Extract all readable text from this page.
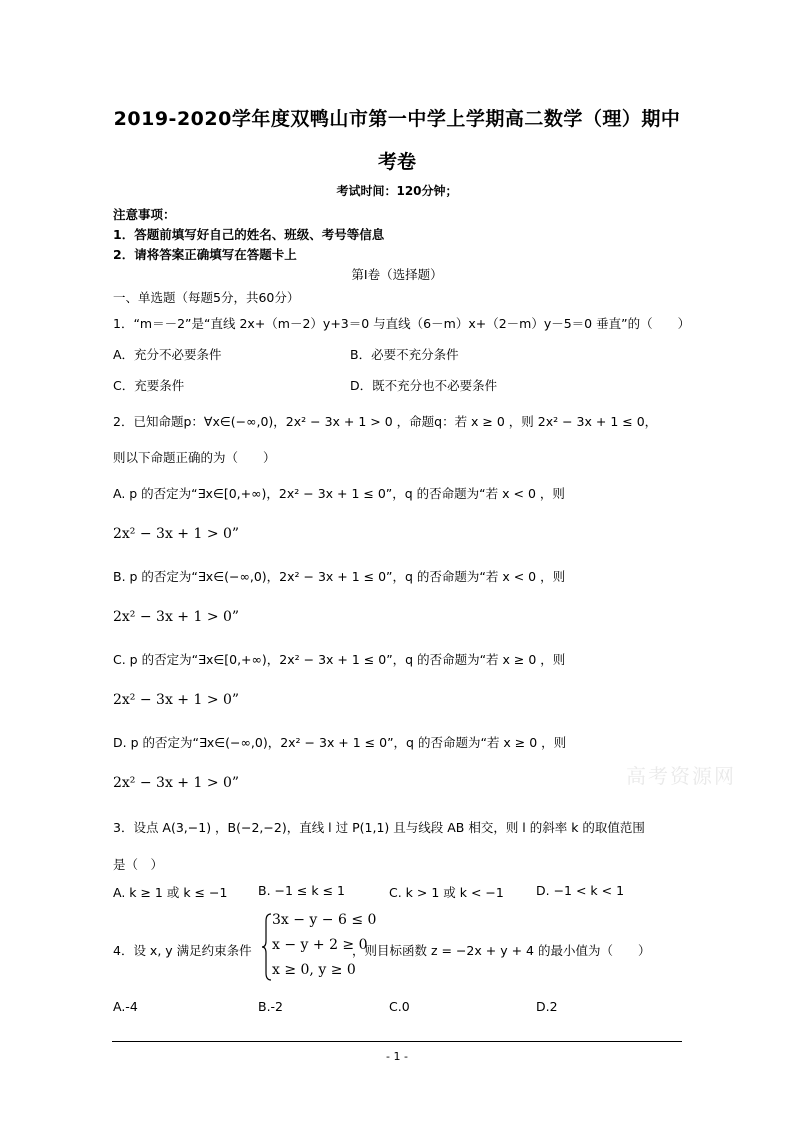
2019-2020学年度双鸭山市第一中学上学期高二数学（理）期中
考卷
考试时间：120分钟；
注意事项：
1．答题前填写好自己的姓名、班级、考号等信息
2．请将答案正确填写在答题卡上
第Ⅰ卷（选择题）
一、单选题（每题5分，共60分）
1．“m＝－2”是“直线 2x+（m－2）y+3＝0 与直线（6－m）x+（2－m）y－5＝0 垂直”的（　　）
A．充分不必要条件	B．必要不充分条件
C．充要条件	D．既不充分也不必要条件
2．已知命题p：∀x∈(−∞,0)，2x² − 3x + 1 > 0 ，命题q：若 x ≥ 0 ，则 2x² − 3x + 1 ≤ 0，
则以下命题正确的为（　　）
A. p 的否定为“∃x∈[0,+∞)，2x² − 3x + 1 ≤ 0”，q 的否命题为“若 x < 0 ，则
2x² − 3x + 1 > 0”
B. p 的否定为“∃x∈(−∞,0)，2x² − 3x + 1 ≤ 0”，q 的否命题为“若 x < 0 ，则
2x² − 3x + 1 > 0”
C. p 的否定为“∃x∈[0,+∞)，2x² − 3x + 1 ≤ 0”，q 的否命题为“若 x ≥ 0 ，则
2x² − 3x + 1 > 0”
D. p 的否定为“∃x∈(−∞,0)，2x² − 3x + 1 ≤ 0”，q 的否命题为“若 x ≥ 0 ，则
2x² − 3x + 1 > 0”	高考资源网
3．设点 A(3,−1) ，B(−2,−2)，直线 l 过 P(1,1) 且与线段 AB 相交，则 l 的斜率 k 的取值范围
是（　）
A. k ≥ 1 或 k ≤ −1 B. −1 ≤ k ≤ 1	C. k > 1 或 k < −1	D. −1 < k < 1
4．设 x, y 满足约束条件
3x − y − 6 ≤ 0
x − y + 2 ≥ 0
x ≥ 0, y ≥ 0
，则目标函数 z = −2x + y + 4 的最小值为（　　）
A.-4	B.-2	C.0	D.2
- 1 -
